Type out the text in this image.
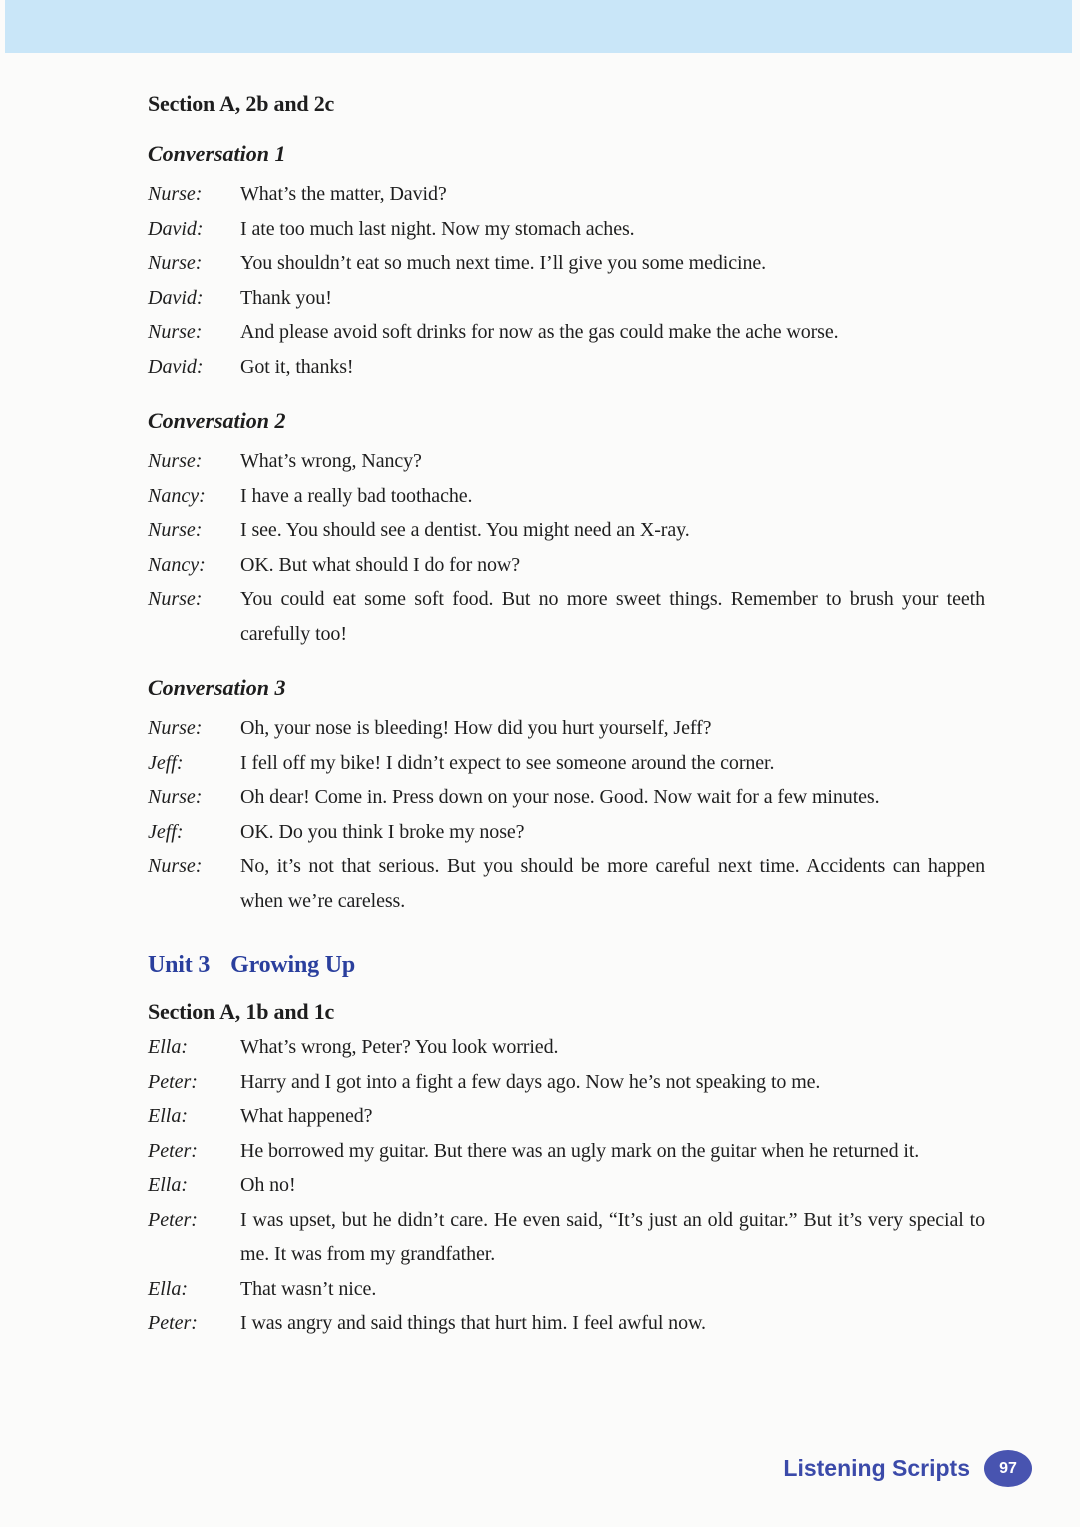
Section A, 2b and 2c
Conversation 1
Nurse:	What’s the matter, David?
David:	I ate too much last night. Now my stomach aches.
Nurse:	You shouldn’t eat so much next time. I’ll give you some medicine.
David:	Thank you!
Nurse:	And please avoid soft drinks for now as the gas could make the ache worse.
David:	Got it, thanks!
Conversation 2
Nurse:	What’s wrong, Nancy?
Nancy:	I have a really bad toothache.
Nurse:	I see. You should see a dentist. You might need an X-ray.
Nancy:	OK. But what should I do for now?
Nurse:	You could eat some soft food. But no more sweet things. Remember to brush your teeth carefully too!
Conversation 3
Nurse:	Oh, your nose is bleeding! How did you hurt yourself, Jeff?
Jeff:	I fell off my bike! I didn’t expect to see someone around the corner.
Nurse:	Oh dear! Come in. Press down on your nose. Good. Now wait for a few minutes.
Jeff:	OK. Do you think I broke my nose?
Nurse:	No, it’s not that serious. But you should be more careful next time. Accidents can happen when we’re careless.
Unit 3 Growing Up
Section A, 1b and 1c
Ella:	What’s wrong, Peter? You look worried.
Peter:	Harry and I got into a fight a few days ago. Now he’s not speaking to me.
Ella:	What happened?
Peter:	He borrowed my guitar. But there was an ugly mark on the guitar when he returned it.
Ella:	Oh no!
Peter:	I was upset, but he didn’t care. He even said, “It’s just an old guitar.” But it’s very special to me. It was from my grandfather.
Ella:	That wasn’t nice.
Peter:	I was angry and said things that hurt him. I feel awful now.
Listening Scripts	97
